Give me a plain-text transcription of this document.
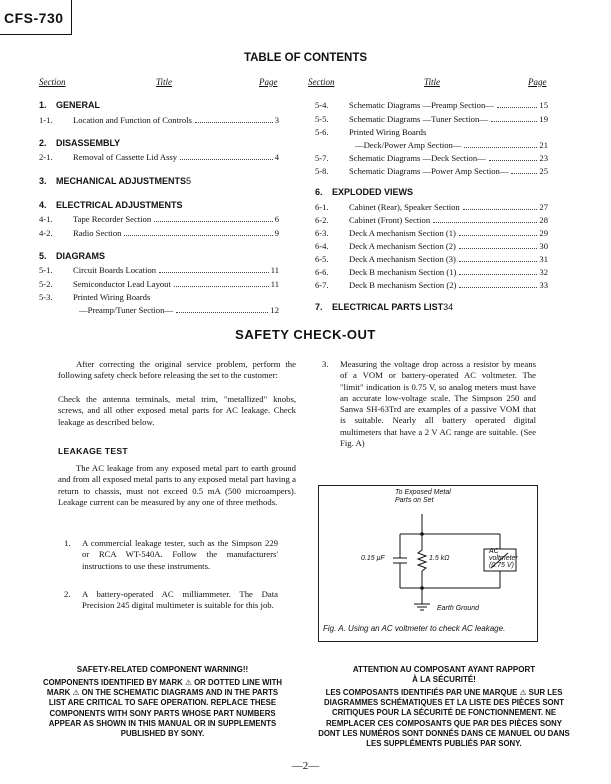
CFS-730
TABLE OF CONTENTS
Section	Title	Page	Section	Title	Page
1.	GENERAL
1-1.	Location and Function of Controls	3
2.	DISASSEMBLY
2-1.	Removal of Cassette Lid Assy	4
3.	MECHANICAL ADJUSTMENTS 5
4.	ELECTRICAL ADJUSTMENTS
4-1.	Tape Recorder Section	6
4-2.	Radio Section	9
5.	DIAGRAMS
5-1.	Circuit Boards Location	11
5-2.	Semiconductor Lead Layout	11
5-3.	Printed Wiring Boards
—Preamp/Tuner Section—	12
5-4.	Schematic Diagrams —Preamp Section—	15
5-5.	Schematic Diagrams —Tuner Section—	19
5-6.	Printed Wiring Boards
—Deck/Power Amp Section—	21
5-7.	Schematic Diagrams —Deck Section—	23
5-8.	Schematic Diagrams —Power Amp Section—	25
6.	EXPLODED VIEWS
6-1.	Cabinet (Rear), Speaker Section	27
6-2.	Cabinet (Front) Section	28
6-3.	Deck A mechanism Section (1)	29
6-4.	Deck A mechanism Section (2)	30
6-5.	Deck A mechanism Section (3)	31
6-6.	Deck B mechanism Section (1)	32
6-7.	Deck B mechanism Section (2)	33
7.	ELECTRICAL PARTS LIST 34
SAFETY CHECK-OUT
After correcting the original service problem, perform the following safety check before releasing the set to the customer:
Check the antenna terminals, metal trim, "metallized" knobs, screws, and all other exposed metal parts for AC leakage. Check leakage as described below.
LEAKAGE TEST
The AC leakage from any exposed metal part to earth ground and from all exposed metal parts to any exposed metal part having a return to chassis, must not exceed 0.5 mA (500 microampers). Leakage current can be measured by any one of three methods.
1.	A commercial leakage tester, such as the Simpson 229 or RCA WT-540A. Follow the manufacturers' instructions to use these instruments.
2.	A battery-operated AC milliammeter. The Data Precision 245 digital multimeter is suitable for this job.
3.	Measuring the voltage drop across a resistor by means of a VOM or battery-operated AC voltmeter. The "limit" indication is 0.75 V, so analog meters must have an accurate low-voltage scale. The Simpson 250 and Sanwa SH-63Trd are examples of a passive VOM that is suitable. Nearly all battery operated digital multimeters that have a 2 V AC range are suitable. (See Fig. A)
To Exposed Metal
Parts on Set
0.15 μF	1.5 kΩ
AC
voltmeter
(0.75 V)
Earth Ground
Fig. A. Using an AC voltmeter to check AC leakage.
SAFETY-RELATED COMPONENT WARNING!!
COMPONENTS IDENTIFIED BY MARK ⚠ OR DOTTED LINE WITH MARK ⚠ ON THE SCHEMATIC DIAGRAMS AND IN THE PARTS LIST ARE CRITICAL TO SAFE OPERATION. REPLACE THESE COMPONENTS WITH SONY PARTS WHOSE PART NUMBERS APPEAR AS SHOWN IN THIS MANUAL OR IN SUPPLEMENTS PUBLISHED BY SONY.
ATTENTION AU COMPOSANT AYANT RAPPORT
À LA SÉCURITÉ!
LES COMPOSANTS IDENTIFIÉS PAR UNE MARQUE ⚠ SUR LES DIAGRAMMES SCHÉMATIQUES ET LA LISTE DES PIÈCES SONT CRITIQUES POUR LA SÉCURITÉ DE FONCTIONNEMENT. NE REMPLACER CES COMPOSANTS QUE PAR DES PIÈCES SONY DONT LES NUMÉROS SONT DONNÉS DANS CE MANUEL OU DANS LES SUPPLÉMENTS PUBLIÉS PAR SONY.
—2—
